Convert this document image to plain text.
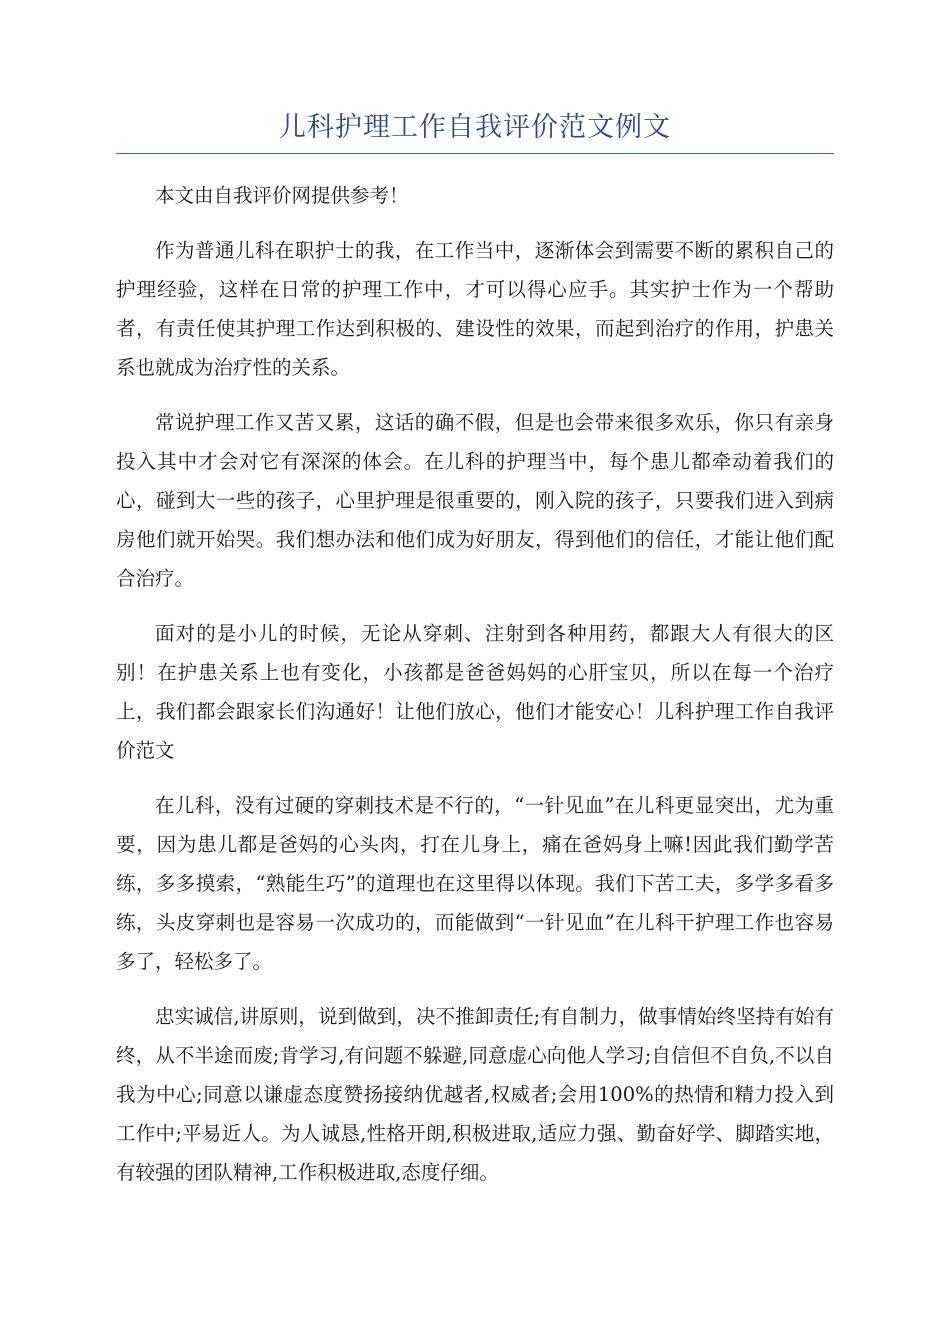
儿科护理工作自我评价范文例文

本文由自我评价网提供参考！

作为普通儿科在职护士的我，在工作当中，逐渐体会到需要不断的累积自己的护理经验，这样在日常的护理工作中，才可以得心应手。其实护士作为一个帮助者，有责任使其护理工作达到积极的、建设性的效果，而起到治疗的作用，护患关系也就成为治疗性的关系。

常说护理工作又苦又累，这话的确不假，但是也会带来很多欢乐，你只有亲身投入其中才会对它有深深的体会。在儿科的护理当中，每个患儿都牵动着我们的心，碰到大一些的孩子，心里护理是很重要的，刚入院的孩子，只要我们进入到病房他们就开始哭。我们想办法和他们成为好朋友，得到他们的信任，才能让他们配合治疗。

面对的是小儿的时候，无论从穿刺、注射到各种用药，都跟大人有很大的区别！在护患关系上也有变化，小孩都是爸爸妈妈的心肝宝贝，所以在每一个治疗上，我们都会跟家长们沟通好！让他们放心，他们才能安心！儿科护理工作自我评价范文

在儿科，没有过硬的穿刺技术是不行的，“一针见血”在儿科更显突出，尤为重要，因为患儿都是爸妈的心头肉，打在儿身上，痛在爸妈身上嘛!因此我们勤学苦练，多多摸索，“熟能生巧”的道理也在这里得以体现。我们下苦工夫，多学多看多练，头皮穿刺也是容易一次成功的，而能做到“一针见血”在儿科干护理工作也容易多了，轻松多了。

忠实诚信,讲原则，说到做到，决不推卸责任;有自制力，做事情始终坚持有始有终，从不半途而废;肯学习,有问题不躲避,同意虚心向他人学习;自信但不自负,不以自我为中心;同意以谦虚态度赞扬接纳优越者,权威者;会用100%的热情和精力投入到工作中;平易近人。为人诚恳,性格开朗,积极进取,适应力强、勤奋好学、脚踏实地，有较强的团队精神,工作积极进取,态度仔细。
